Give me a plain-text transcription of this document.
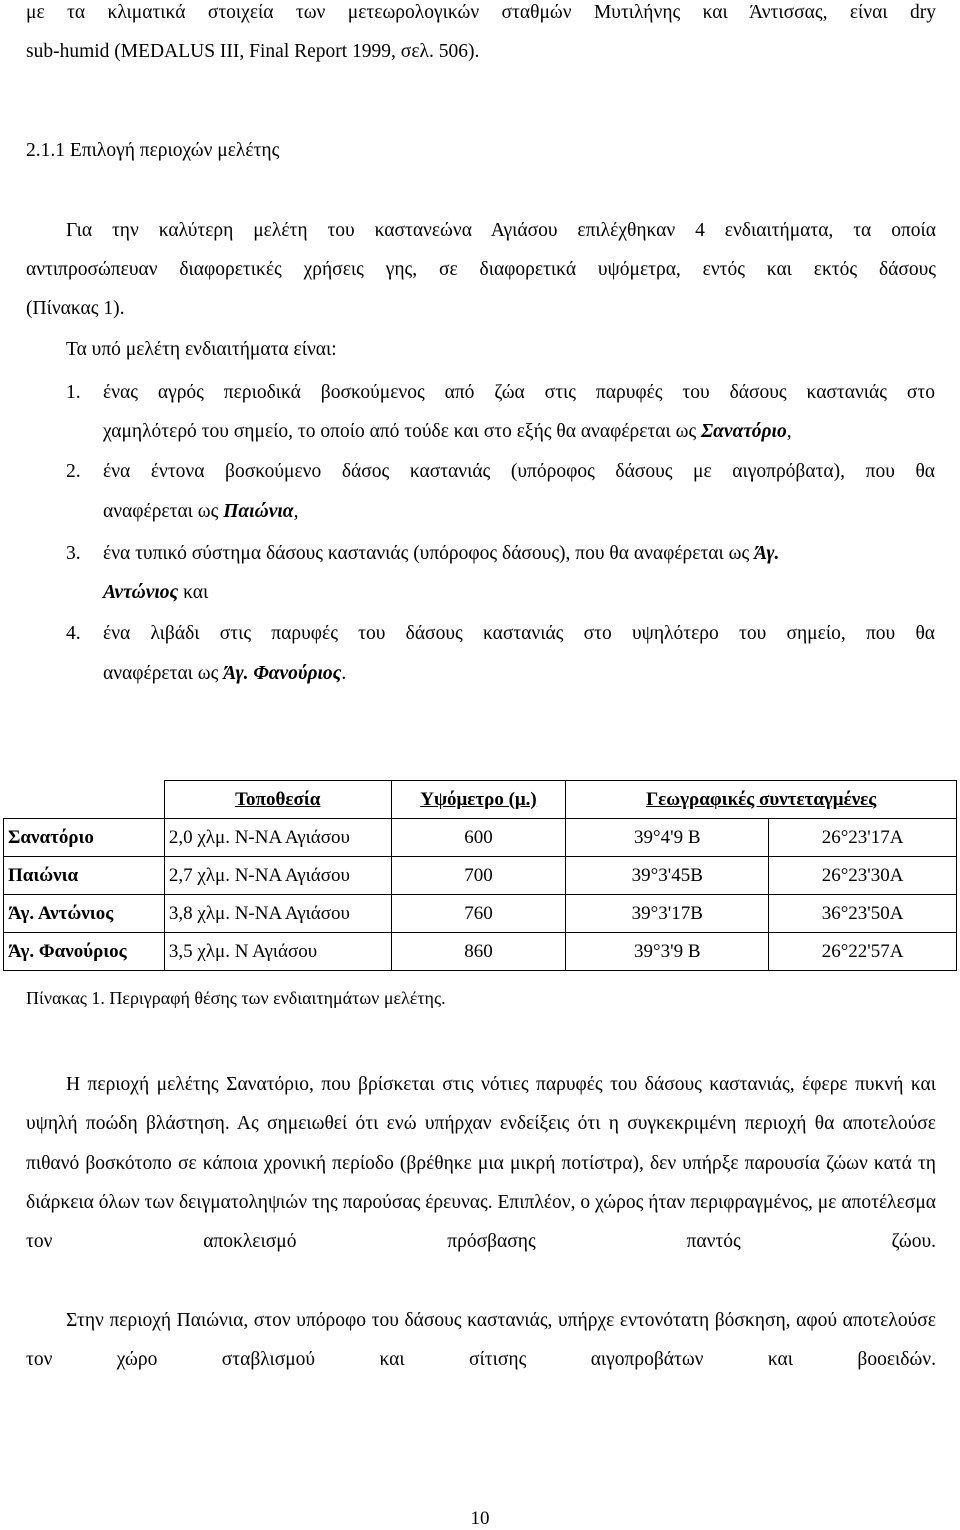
με τα κλιματικά στοιχεία των μετεωρολογικών σταθμών Μυτιλήνης και Άντισσας, είναι dry
sub-humid (MEDALUS III, Final Report 1999, σελ. 506).
2.1.1 Επιλογή περιοχών μελέτης
Για την καλύτερη μελέτη του καστανεώνα Αγιάσου επιλέχθηκαν 4 ενδιαιτήματα, τα οποία
αντιπροσώπευαν διαφορετικές χρήσεις γης, σε διαφορετικά υψόμετρα, εντός και εκτός δάσους
(Πίνακας 1).
Τα υπό μελέτη ενδιαιτήματα είναι:
1. ένας αγρός περιοδικά βοσκούμενος από ζώα στις παρυφές του δάσους καστανιάς στο
χαμηλότερό του σημείο, το οποίο από τούδε και στο εξής θα αναφέρεται ως Σανατόριο,
2. ένα έντονα βοσκούμενο δάσος καστανιάς (υπόροφος δάσους με αιγοπρόβατα), που θα
αναφέρεται ως Παιώνια,
3. ένα τυπικό σύστημα δάσους καστανιάς (υπόροφος δάσους), που θα αναφέρεται ως Άγ.
Αντώνιος και
4. ένα λιβάδι στις παρυφές του δάσους καστανιάς στο υψηλότερο του σημείο, που θα
αναφέρεται ως Άγ. Φανούριος.
	Τοποθεσία	Υψόμετρο (μ.)	Γεωγραφικές συντεταγμένες	
Σανατόριο	2,0 χλμ. Ν-ΝΑ Αγιάσου	600	39°4'9 Β	26°23'17Α
Παιώνια	2,7 χλμ. Ν-ΝΑ Αγιάσου	700	39°3'45Β	26°23'30Α
Άγ. Αντώνιος	3,8 χλμ. Ν-ΝΑ Αγιάσου	760	39°3'17Β	36°23'50Α
Άγ. Φανούριος	3,5 χλμ. Ν Αγιάσου	860	39°3'9 Β	26°22'57Α
Πίνακας 1. Περιγραφή θέσης των ενδιαιτημάτων μελέτης.
Η περιοχή μελέτης Σανατόριο, που βρίσκεται στις νότιες παρυφές του δάσους καστανιάς, έφερε πυκνή και υψηλή ποώδη βλάστηση. Ας σημειωθεί ότι ενώ υπήρχαν ενδείξεις ότι η συγκεκριμένη περιοχή θα αποτελούσε πιθανό βοσκότοπο σε κάποια χρονική περίοδο (βρέθηκε μια μικρή ποτίστρα), δεν υπήρξε παρουσία ζώων κατά τη διάρκεια όλων των δειγματοληψιών της παρούσας έρευνας. Επιπλέον, ο χώρος ήταν περιφραγμένος, με αποτέλεσμα τον αποκλεισμό πρόσβασης παντός ζώου.
Στην περιοχή Παιώνια, στον υπόροφο του δάσους καστανιάς, υπήρχε εντονότατη βόσκηση, αφού αποτελούσε τον χώρο σταβλισμού και σίτισης αιγοπροβάτων και βοοειδών.
10
